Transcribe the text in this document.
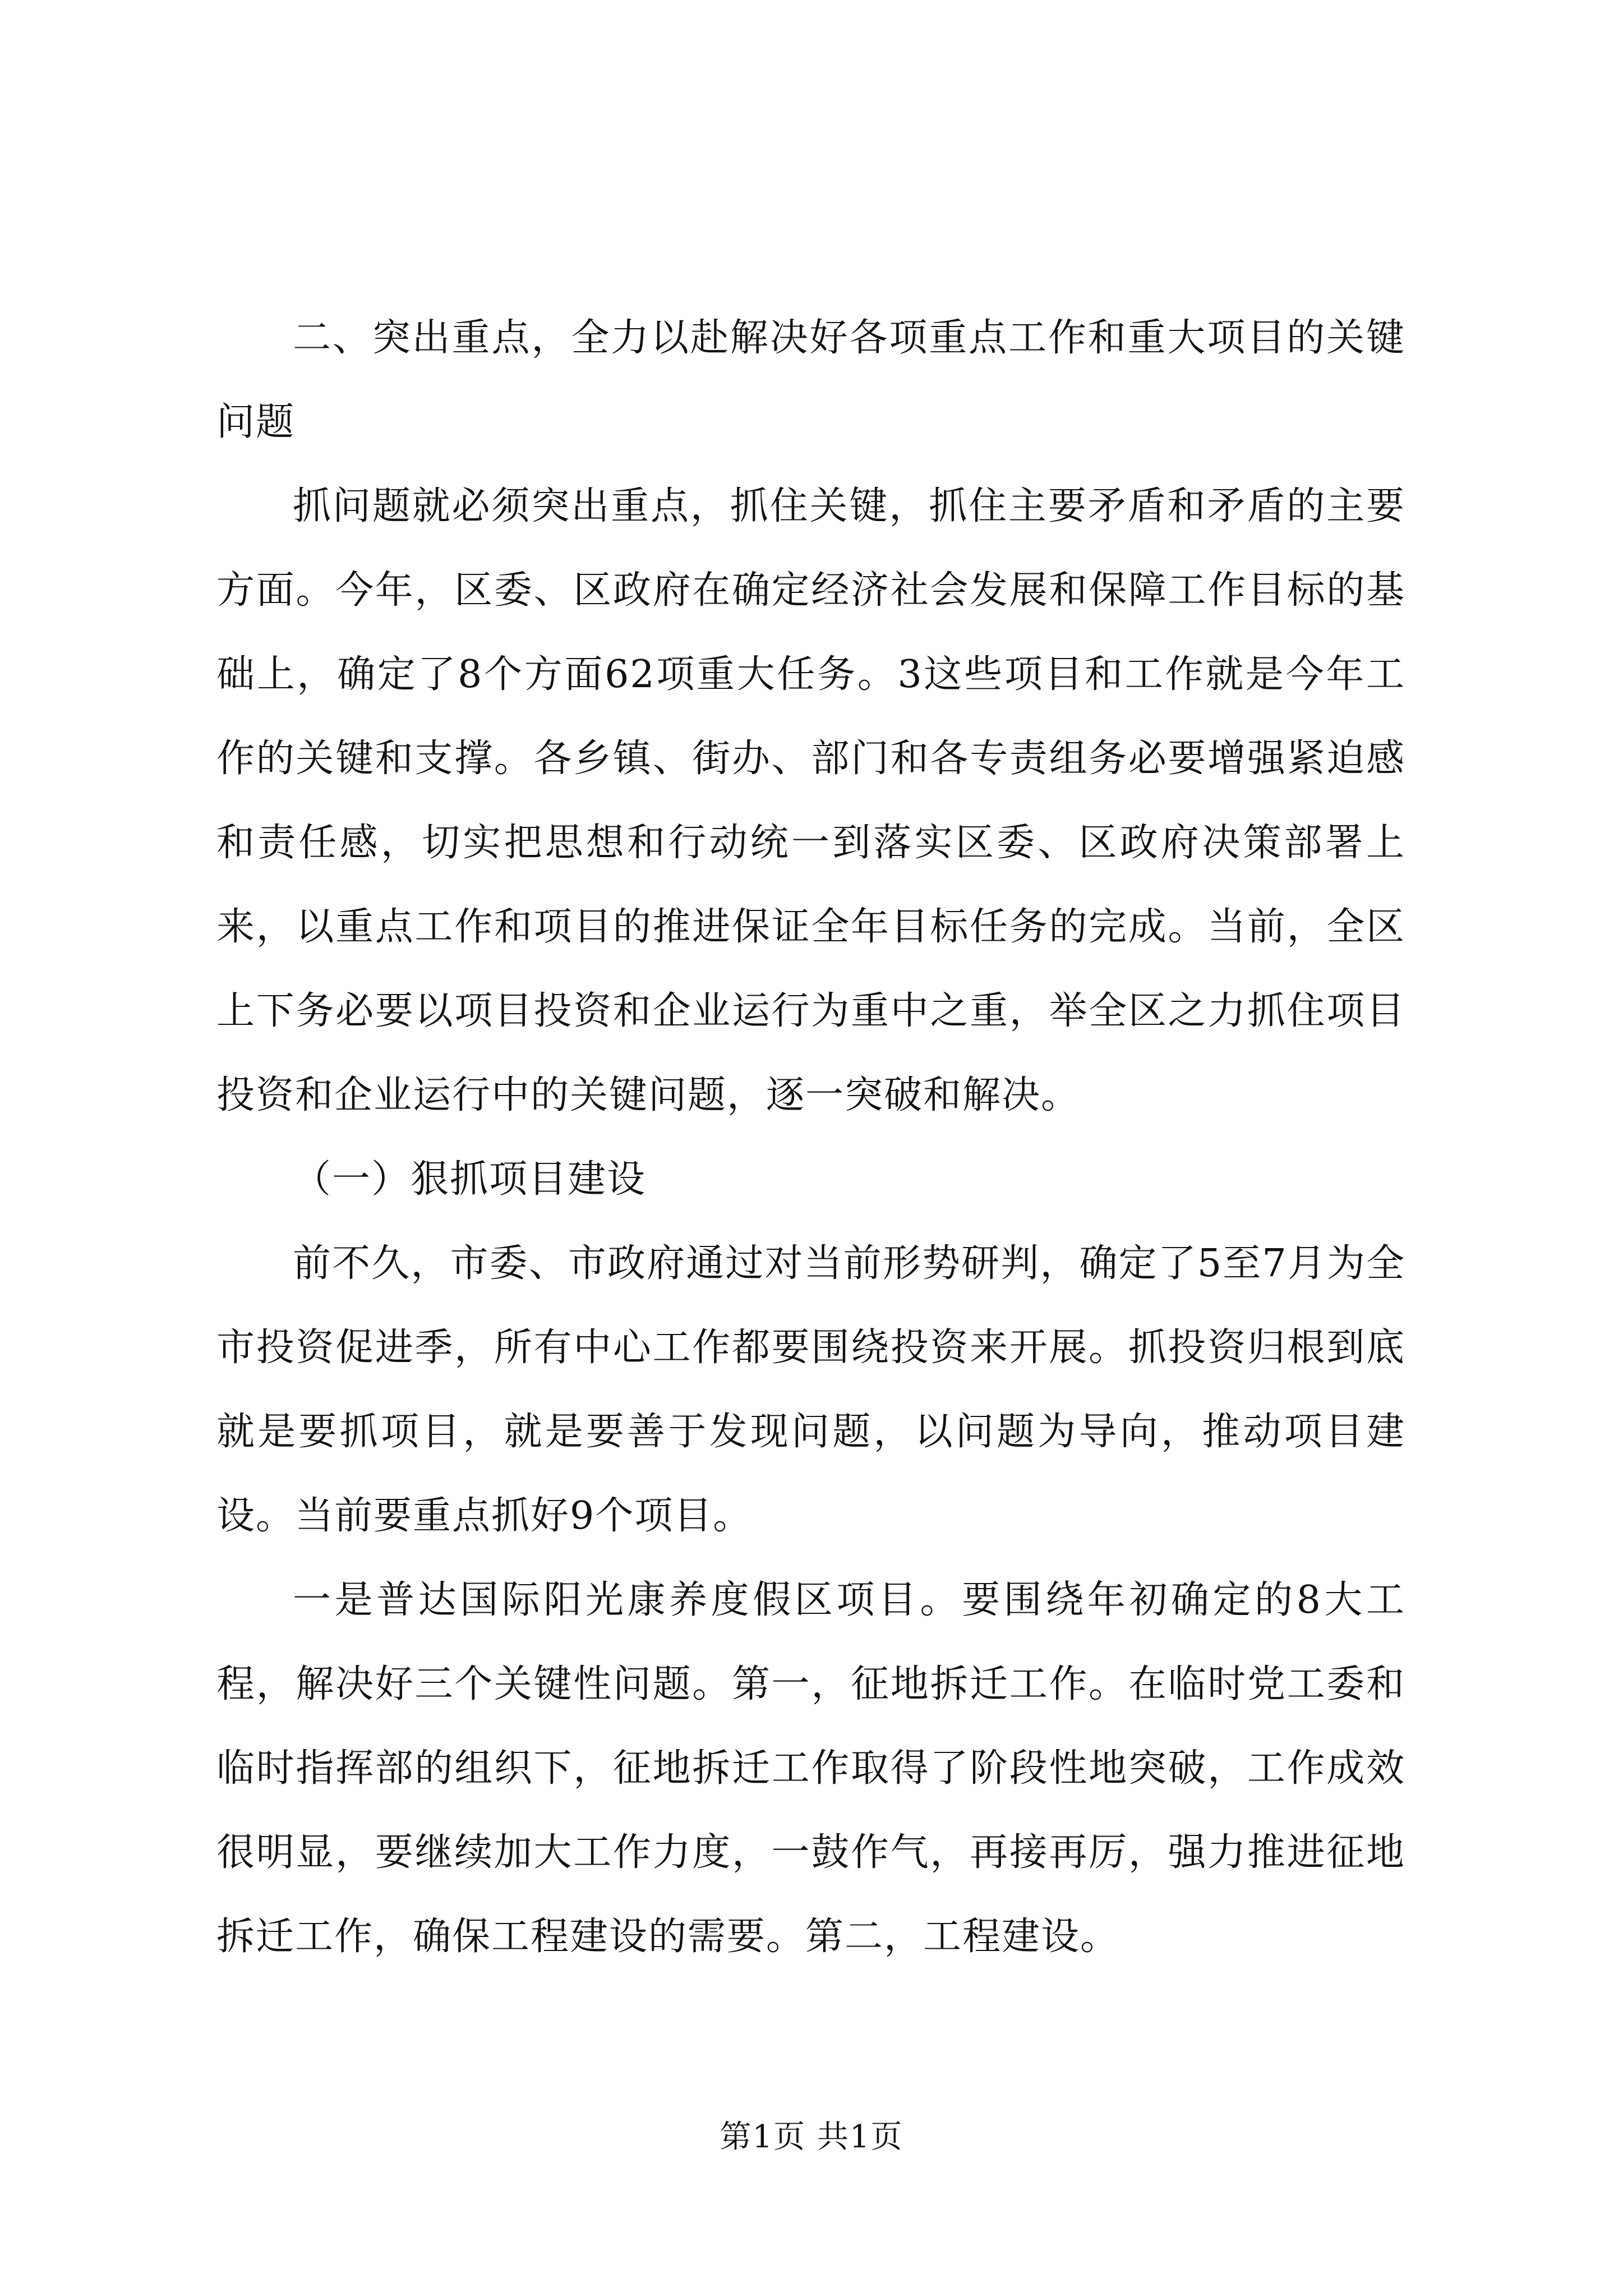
二、突出重点，全力以赴解决好各项重点工作和重大项目的关键问题

抓问题就必须突出重点，抓住关键，抓住主要矛盾和矛盾的主要方面。今年，区委、区政府在确定经济社会发展和保障工作目标的基础上，确定了8个方面62项重大任务。3这些项目和工作就是今年工作的关键和支撑。各乡镇、街办、部门和各专责组务必要增强紧迫感和责任感，切实把思想和行动统一到落实区委、区政府决策部署上来，以重点工作和项目的推进保证全年目标任务的完成。当前，全区上下务必要以项目投资和企业运行为重中之重，举全区之力抓住项目投资和企业运行中的关键问题，逐一突破和解决。

（一）狠抓项目建设

前不久，市委、市政府通过对当前形势研判，确定了5至7月为全市投资促进季，所有中心工作都要围绕投资来开展。抓投资归根到底就是要抓项目，就是要善于发现问题，以问题为导向，推动项目建设。当前要重点抓好9个项目。

一是普达国际阳光康养度假区项目。要围绕年初确定的8大工程，解决好三个关键性问题。第一，征地拆迁工作。在临时党工委和临时指挥部的组织下，征地拆迁工作取得了阶段性地突破，工作成效很明显，要继续加大工作力度，一鼓作气，再接再厉，强力推进征地拆迁工作，确保工程建设的需要。第二，工程建设。

第1页 共1页
